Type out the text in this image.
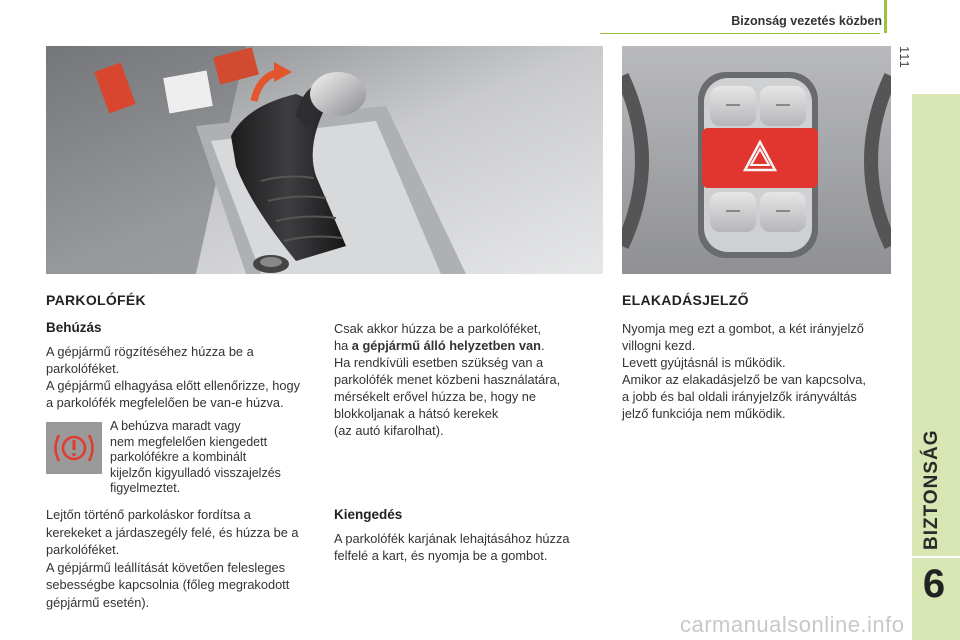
Bizonság vezetés közben
111
BIZTONSÁG
6
PARKOLÓFÉK
Behúzás
A gépjármű rögzítéséhez húzza be a
parkolóféket.
A gépjármű elhagyása előtt ellenőrizze, hogy
a parkolófék megfelelően be van-e húzva.
A behúzva maradt vagy
nem megfelelően kiengedett
parkolófékre a kombinált
kijelzőn kigyulladó visszajelzés
figyelmeztet.
Lejtőn történő parkoláskor fordítsa a
kerekeket a járdaszegély felé, és húzza be a
parkolóféket.
A gépjármű leállítását követően felesleges
sebességbe kapcsolnia (főleg megrakodott
gépjármű esetén).
Csak akkor húzza be a parkolóféket,
ha a gépjármű álló helyzetben van.
Ha rendkívüli esetben szükség van a
parkolófék menet közbeni használatára,
mérsékelt erővel húzza be, hogy ne
blokkoljanak a hátsó kerekek
(az autó kifarolhat).
Kiengedés
A parkolófék karjának lehajtásához húzza
felfelé a kart, és nyomja be a gombot.
ELAKADÁSJELZŐ
Nyomja meg ezt a gombot, a két irányjelző
villogni kezd.
Levett gyújtásnál is működik.
Amikor az elakadásjelző be van kapcsolva,
a jobb és bal oldali irányjelzők irányváltás
jelző funkciója nem működik.
carmanualsonline.info
